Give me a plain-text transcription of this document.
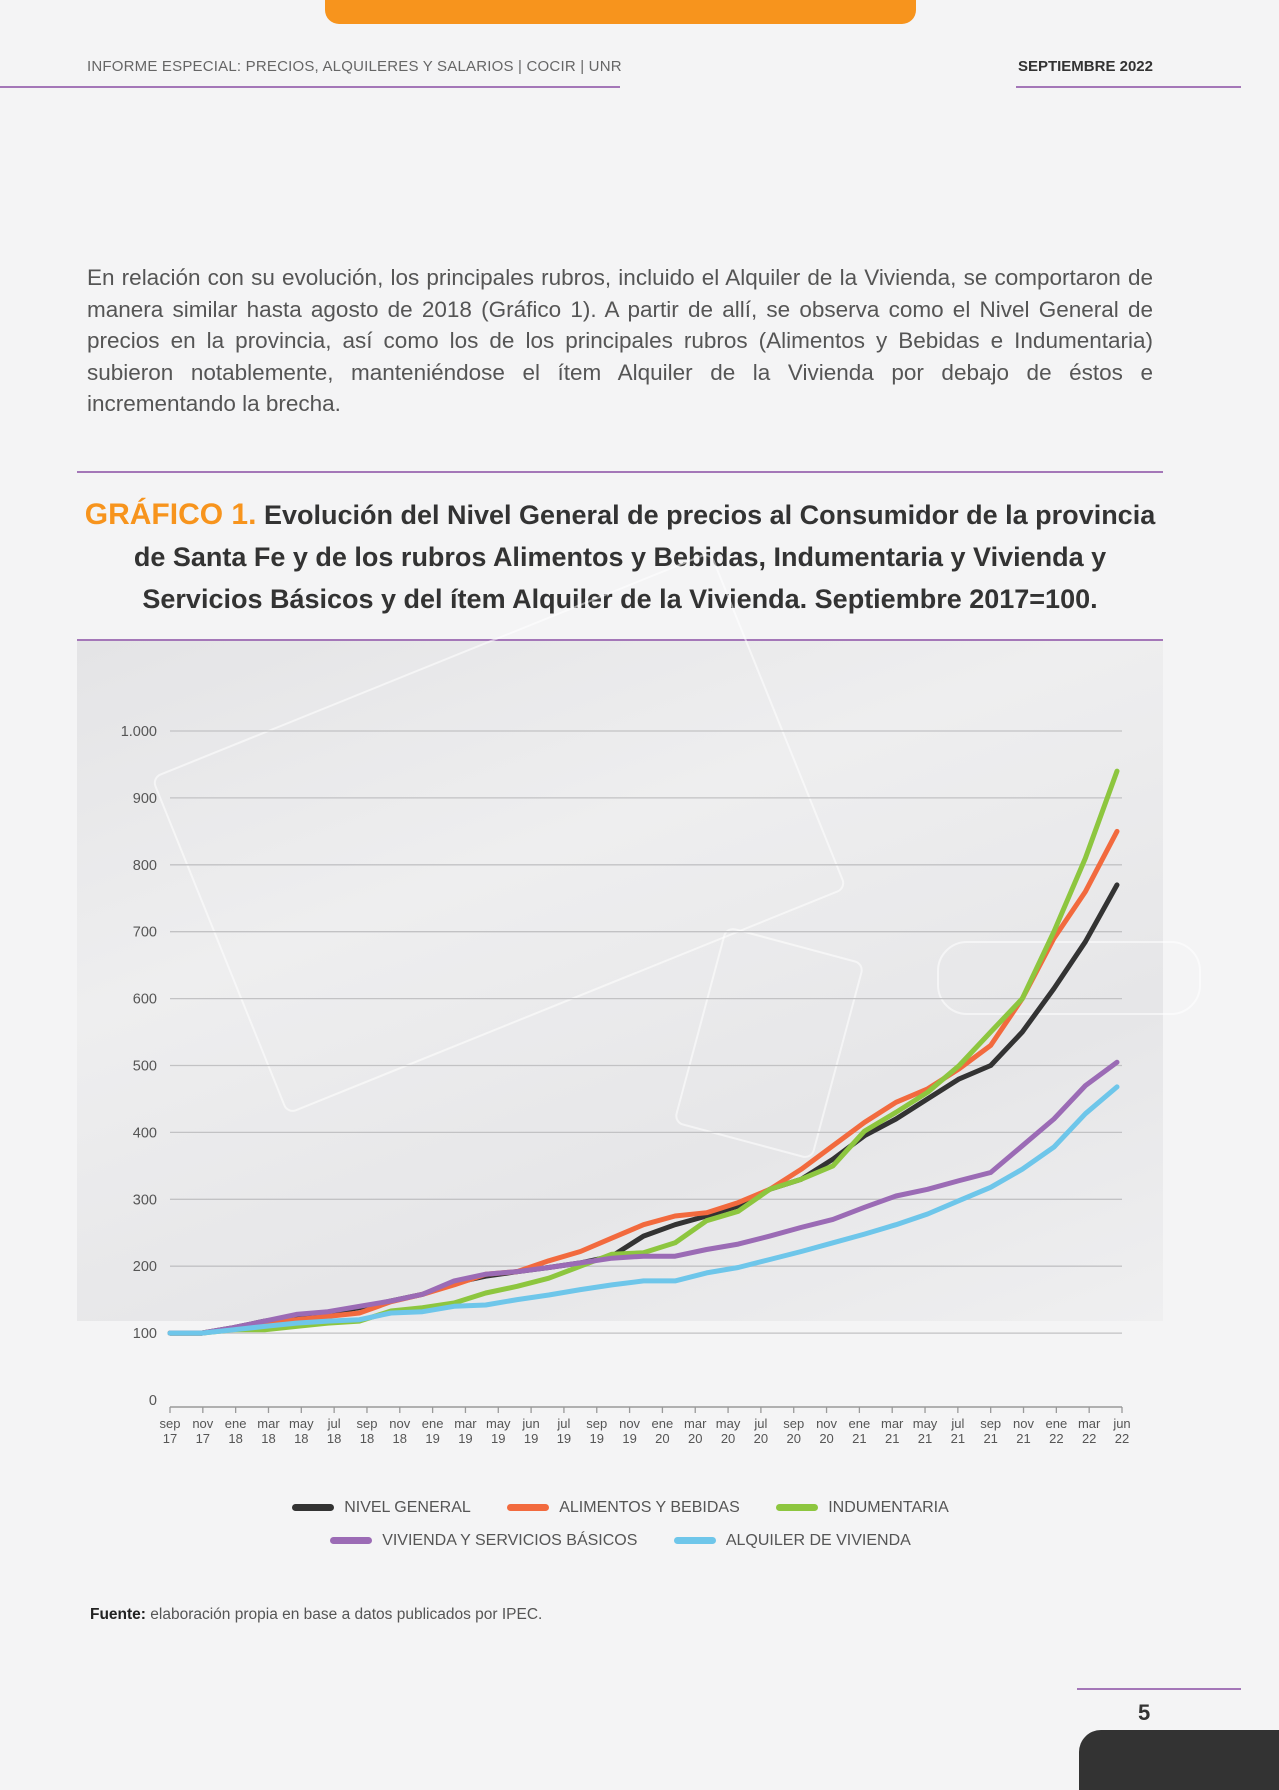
INFORME ESPECIAL: PRECIOS, ALQUILERES Y SALARIOS | COCIR | UNR	SEPTIEMBRE 2022

En relación con su evolución, los principales rubros, incluido el Alquiler de la Vivienda, se comportaron de manera similar hasta agosto de 2018 (Gráfico 1). A partir de allí, se observa como el Nivel General de precios en la provincia, así como los de los principales rubros (Alimentos y Bebidas e Indumentaria) subieron notablemente, manteniéndose el ítem Alquiler de la Vivienda por debajo de éstos e incrementando la brecha.

GRÁFICO 1. Evolución del Nivel General de precios al Consumidor de la provincia de Santa Fe y de los rubros Alimentos y Bebidas, Indumentaria y Vivienda y Servicios Básicos y del ítem Alquiler de la Vivienda. Septiembre 2017=100.

0
100
200
300
400
500
600
700
800
900
1.000
sep
17
nov
17
ene
18
mar
18
may
18
jul
18
sep
18
nov
18
ene
19
mar
19
may
19
jun
19
jul
19
sep
19
nov
19
ene
20
mar
20
may
20
jul
20
sep
20
nov
20
ene
21
mar
21
may
21
jul
21
sep
21
nov
21
ene
22
mar
22
jun
22
NIVEL GENERAL
	ALIMENTOS Y BEBIDAS
	INDUMENTARIA
VIVIENDA Y SERVICIOS BÁSICOS
	ALQUILER DE VIVIENDA
Fuente: elaboración propia en base a datos publicados por IPEC.
5
